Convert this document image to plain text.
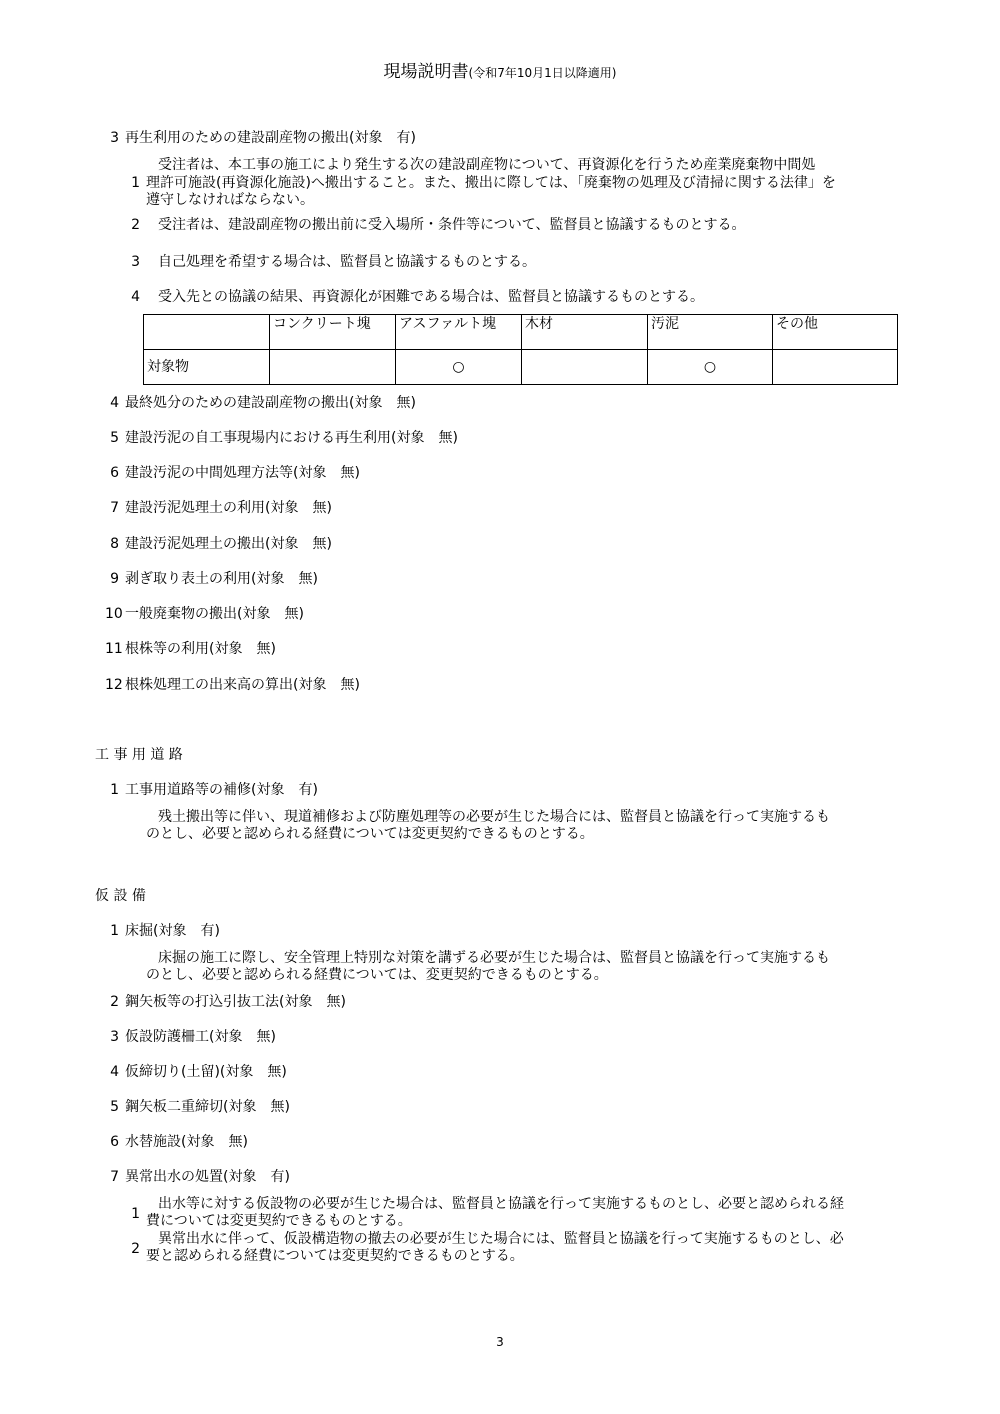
現場説明書(令和7年10月1日以降適用)
3 再生利用のための建設副産物の搬出(対象　有)
受注者は、本工事の施工により発生する次の建設副産物について、再資源化を行うため産業廃棄物中間処
1 理許可施設(再資源化施設)へ搬出すること。また、搬出に際しては、「廃棄物の処理及び清掃に関する法律」を
遵守しなければならない。
2 受注者は、建設副産物の搬出前に受入場所・条件等について、監督員と協議するものとする。
3 自己処理を希望する場合は、監督員と協議するものとする。
4 受入先との協議の結果、再資源化が困難である場合は、監督員と協議するものとする。
	コンクリート塊	アスファルト塊	木材	汚泥	その他
対象物		○		○	
4 最終処分のための建設副産物の搬出(対象　無)
5 建設汚泥の自工事現場内における再生利用(対象　無)
6 建設汚泥の中間処理方法等(対象　無)
7 建設汚泥処理土の利用(対象　無)
8 建設汚泥処理土の搬出(対象　無)
9 剥ぎ取り表土の利用(対象　無)
10 一般廃棄物の搬出(対象　無)
11 根株等の利用(対象　無)
12 根株処理工の出来高の算出(対象　無)
工 事 用 道 路
1 工事用道路等の補修(対象　有)
残土搬出等に伴い、現道補修および防塵処理等の必要が生じた場合には、監督員と協議を行って実施するも
のとし、必要と認められる経費については変更契約できるものとする。
仮 設 備
1 床掘(対象　有)
床掘の施工に際し、安全管理上特別な対策を講ずる必要が生じた場合は、監督員と協議を行って実施するも
のとし、必要と認められる経費については、変更契約できるものとする。
2 鋼矢板等の打込引抜工法(対象　無)
3 仮設防護柵工(対象　無)
4 仮締切り(土留)(対象　無)
5 鋼矢板二重締切(対象　無)
6 水替施設(対象　無)
7 異常出水の処置(対象　有)
出水等に対する仮設物の必要が生じた場合は、監督員と協議を行って実施するものとし、必要と認められる経
1 費については変更契約できるものとする。
異常出水に伴って、仮設構造物の撤去の必要が生じた場合には、監督員と協議を行って実施するものとし、必
2 要と認められる経費については変更契約できるものとする。
3
